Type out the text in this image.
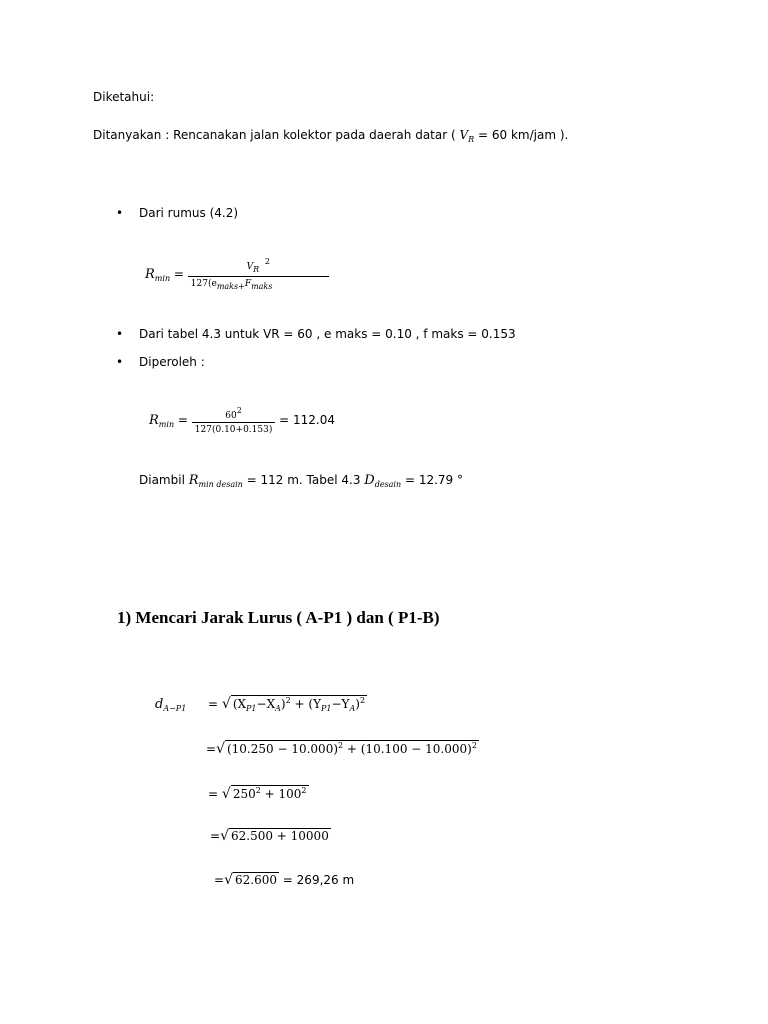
Diketahui:
Ditanyakan : Rencanakan jalan kolektor pada daerah datar ( $V_R = 60$ km/jam ).
• Dari rumus (4.2)
$R_{min} = \frac{VR 2}{\text{127(emaks+Fmaks}}$
• Dari tabel 4.3 untuk VR = 60 , e maks = 0.10 , f maks = 0.153
• Diperoleh :
$R_{min} = \frac{602}{127(0.10+0.153)} = 112.04$
Diambil $R_{min desain} = 112$ m. Tabel 4.3 $D_{desain} = 12.79$ °
1) Mencari Jarak Lurus ( A-P1 ) dan ( P1-B)
$d_{A-P1}$ = √ $(X_{P1}-X_A)^2 + (Y_{P1}-Y_A)^2$
=√ $(10.250 - 10.000)^2 + (10.100 - 10.000)^2$
= √ $250^2 + 100^2$
=√ 62.500 + 10000
=√ 62.600 = 269,26 m
